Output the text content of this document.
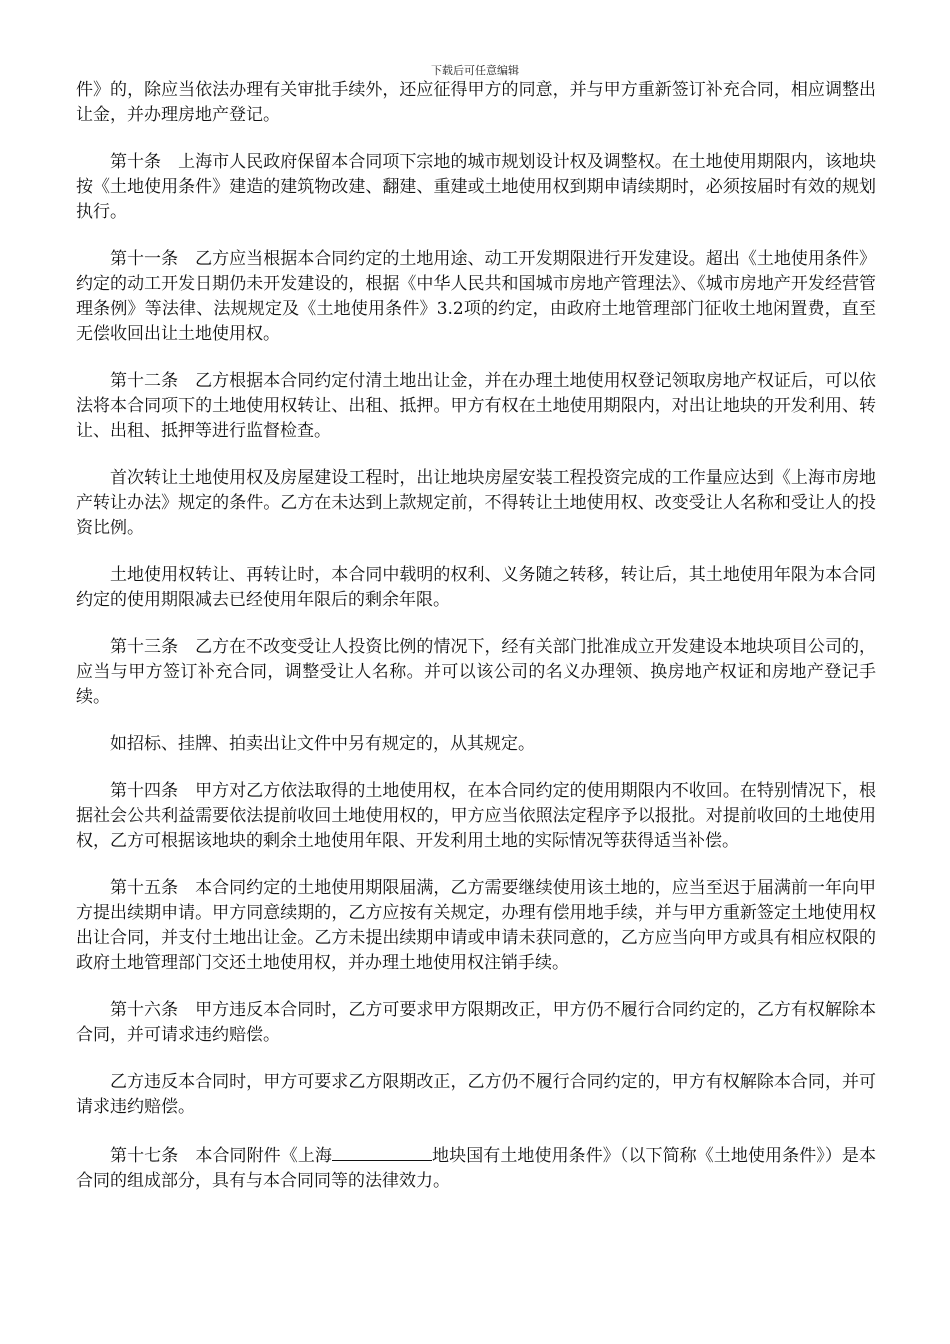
下载后可任意编辑

件》的，除应当依法办理有关审批手续外，还应征得甲方的同意，并与甲方重新签订补充合同，相应调整出让金，并办理房地产登记。

第十条　上海市人民政府保留本合同项下宗地的城市规划设计权及调整权。在土地使用期限内，该地块按《土地使用条件》建造的建筑物改建、翻建、重建或土地使用权到期申请续期时，必须按届时有效的规划执行。

第十一条　乙方应当根据本合同约定的土地用途、动工开发期限进行开发建设。超出《土地使用条件》约定的动工开发日期仍未开发建设的，根据《中华人民共和国城市房地产管理法》、《城市房地产开发经营管理条例》等法律、法规规定及《土地使用条件》3.2项的约定，由政府土地管理部门征收土地闲置费，直至无偿收回出让土地使用权。

第十二条　乙方根据本合同约定付清土地出让金，并在办理土地使用权登记领取房地产权证后，可以依法将本合同项下的土地使用权转让、出租、抵押。甲方有权在土地使用期限内，对出让地块的开发利用、转让、出租、抵押等进行监督检查。

首次转让土地使用权及房屋建设工程时，出让地块房屋安装工程投资完成的工作量应达到《上海市房地产转让办法》规定的条件。乙方在未达到上款规定前，不得转让土地使用权、改变受让人名称和受让人的投资比例。

土地使用权转让、再转让时，本合同中载明的权利、义务随之转移，转让后，其土地使用年限为本合同约定的使用期限减去已经使用年限后的剩余年限。

第十三条　乙方在不改变受让人投资比例的情况下，经有关部门批准成立开发建设本地块项目公司的，应当与甲方签订补充合同，调整受让人名称。并可以该公司的名义办理领、换房地产权证和房地产登记手续。

如招标、挂牌、拍卖出让文件中另有规定的，从其规定。

第十四条　甲方对乙方依法取得的土地使用权，在本合同约定的使用期限内不收回。在特别情况下，根据社会公共利益需要依法提前收回土地使用权的，甲方应当依照法定程序予以报批。对提前收回的土地使用权，乙方可根据该地块的剩余土地使用年限、开发利用土地的实际情况等获得适当补偿。

第十五条　本合同约定的土地使用期限届满，乙方需要继续使用该土地的，应当至迟于届满前一年向甲方提出续期申请。甲方同意续期的，乙方应按有关规定，办理有偿用地手续，并与甲方重新签定土地使用权出让合同，并支付土地出让金。乙方未提出续期申请或申请未获同意的，乙方应当向甲方或具有相应权限的政府土地管理部门交还土地使用权，并办理土地使用权注销手续。

第十六条　甲方违反本合同时，乙方可要求甲方限期改正，甲方仍不履行合同约定的，乙方有权解除本合同，并可请求违约赔偿。

乙方违反本合同时，甲方可要求乙方限期改正，乙方仍不履行合同约定的，甲方有权解除本合同，并可请求违约赔偿。

第十七条　本合同附件《上海	地块国有土地使用条件》（以下简称《土地使用条件》）是本合同的组成部分，具有与本合同同等的法律效力。
